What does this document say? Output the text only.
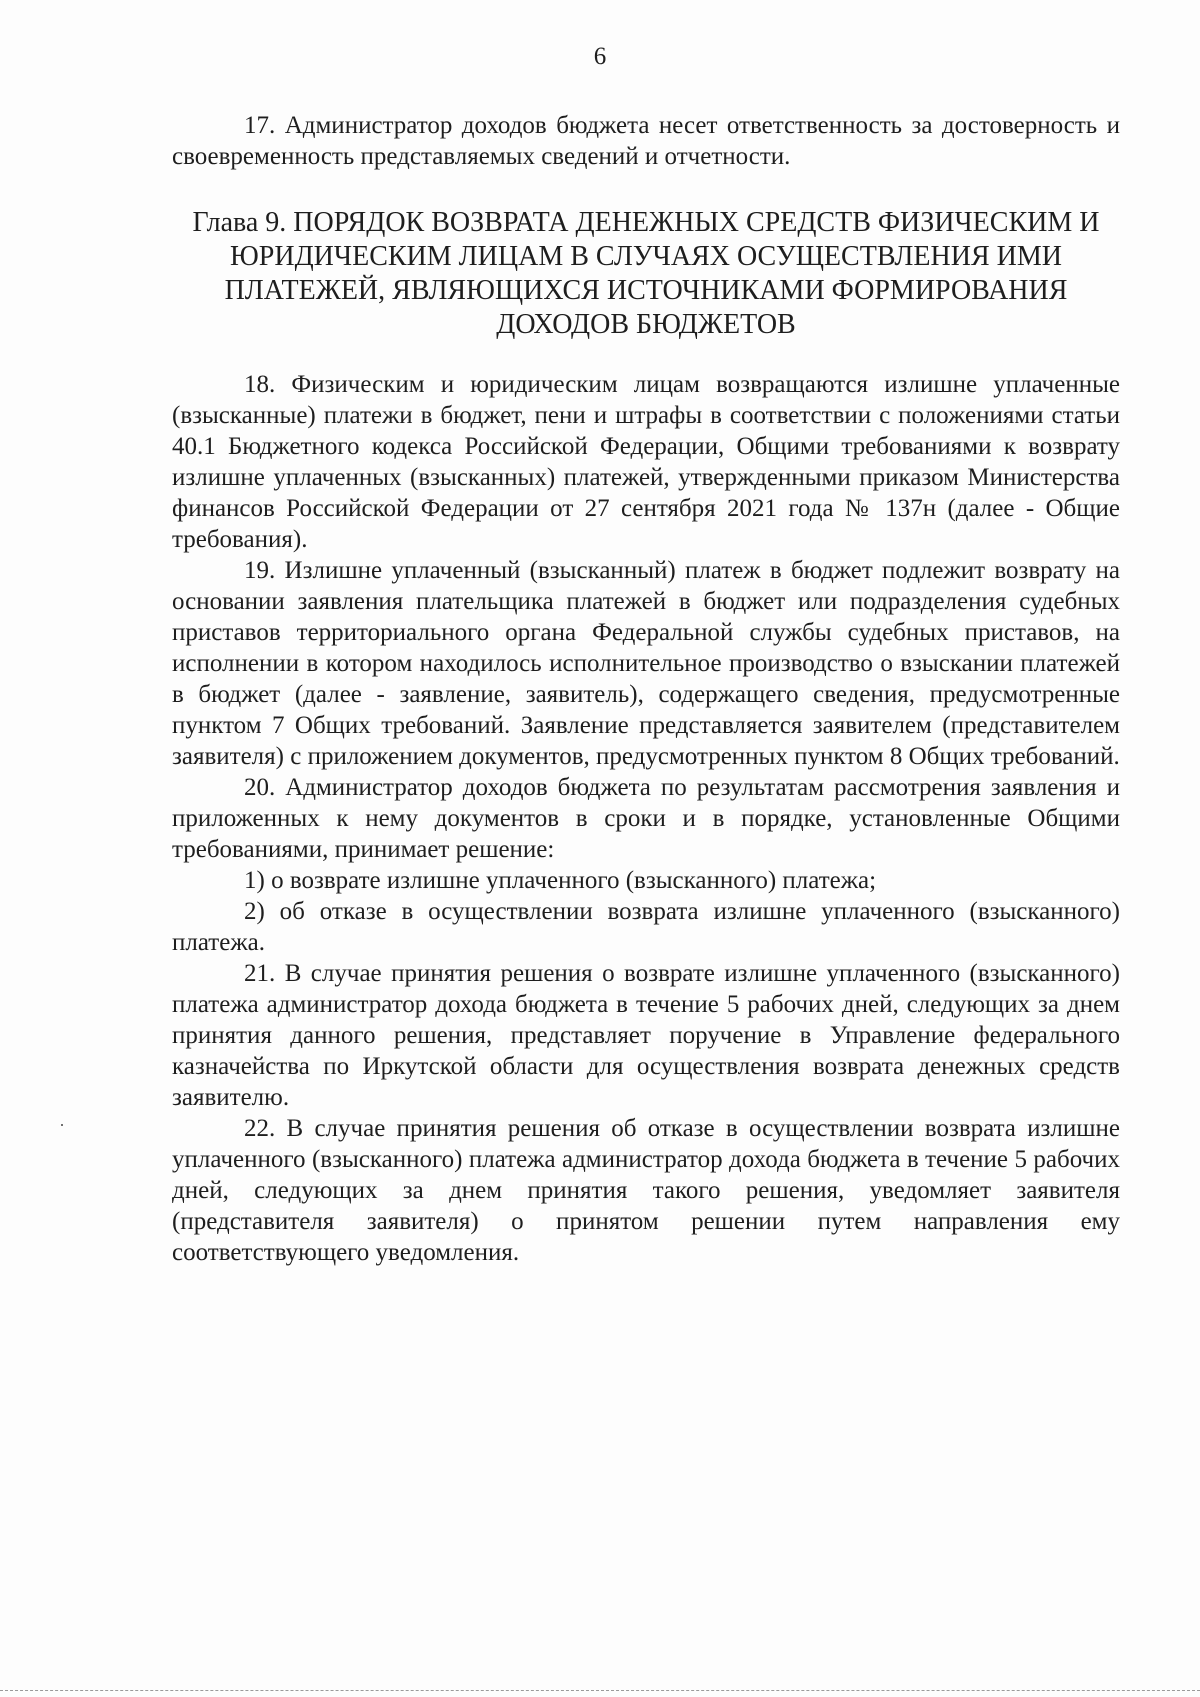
6

17. Администратор доходов бюджета несет ответственность за достоверность и своевременность представляемых сведений и отчетности.

Глава 9. ПОРЯДОК ВОЗВРАТА ДЕНЕЖНЫХ СРЕДСТВ ФИЗИЧЕСКИМ И
ЮРИДИЧЕСКИМ ЛИЦАМ В СЛУЧАЯХ ОСУЩЕСТВЛЕНИЯ ИМИ
ПЛАТЕЖЕЙ, ЯВЛЯЮЩИХСЯ ИСТОЧНИКАМИ ФОРМИРОВАНИЯ
ДОХОДОВ БЮДЖЕТОВ

18. Физическим и юридическим лицам возвращаются излишне уплаченные (взысканные) платежи в бюджет, пени и штрафы в соответствии с положениями статьи 40.1 Бюджетного кодекса Российской Федерации, Общими требованиями к возврату излишне уплаченных (взысканных) платежей, утвержденными приказом Министерства финансов Российской Федерации от 27 сентября 2021 года № 137н (далее - Общие требования).

19. Излишне уплаченный (взысканный) платеж в бюджет подлежит возврату на основании заявления плательщика платежей в бюджет или подразделения судебных приставов территориального органа Федеральной службы судебных приставов, на исполнении в котором находилось исполнительное производство о взыскании платежей в бюджет (далее - заявление, заявитель), содержащего сведения, предусмотренные пунктом 7 Общих требований. Заявление представляется заявителем (представителем заявителя) с приложением документов, предусмотренных пунктом 8 Общих требований.

20. Администратор доходов бюджета по результатам рассмотрения заявления и приложенных к нему документов в сроки и в порядке, установленные Общими требованиями, принимает решение:

1) о возврате излишне уплаченного (взысканного) платежа;

2) об отказе в осуществлении возврата излишне уплаченного (взысканного) платежа.

21. В случае принятия решения о возврате излишне уплаченного (взысканного) платежа администратор дохода бюджета в течение 5 рабочих дней, следующих за днем принятия данного решения, представляет поручение в Управление федерального казначейства по Иркутской области для осуществления возврата денежных средств заявителю.

22. В случае принятия решения об отказе в осуществлении возврата излишне уплаченного (взысканного) платежа администратор дохода бюджета в течение 5 рабочих дней, следующих за днем принятия такого решения, уведомляет заявителя (представителя заявителя) о принятом решении путем направления ему соответствующего уведомления.
